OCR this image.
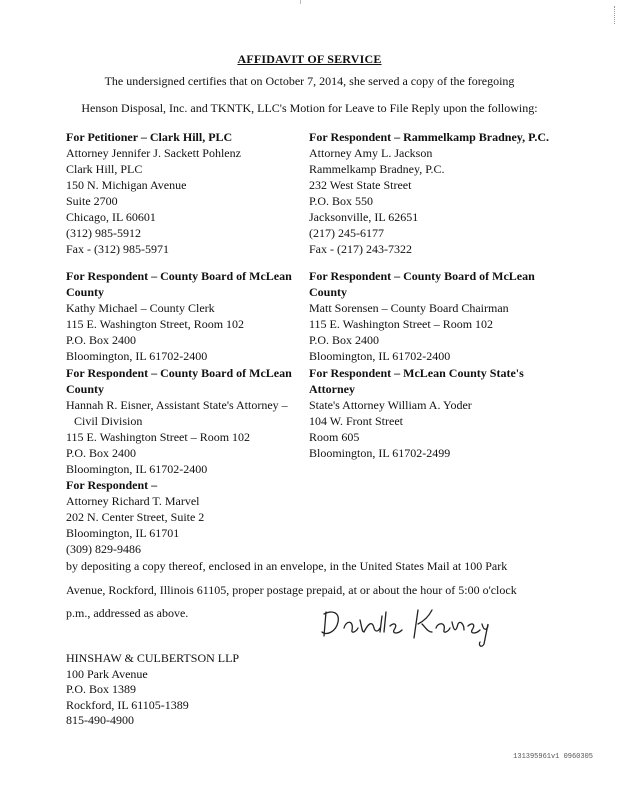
AFFIDAVIT OF SERVICE
The undersigned certifies that on October 7, 2014, she served a copy of the foregoing
Henson Disposal, Inc. and TKNTK, LLC's Motion for Leave to File Reply upon the following:
For Petitioner – Clark Hill, PLC
Attorney Jennifer J. Sackett Pohlenz
Clark Hill, PLC
150 N. Michigan Avenue
Suite 2700
Chicago, IL 60601
(312) 985-5912
Fax - (312) 985-5971
For Respondent – Rammelkamp Bradney, P.C.
Attorney Amy L. Jackson
Rammelkamp Bradney, P.C.
232 West State Street
P.O. Box 550
Jacksonville, IL 62651
(217) 245-6177
Fax - (217) 243-7322
For Respondent – County Board of McLean County
Kathy Michael – County Clerk
115 E. Washington Street, Room 102
P.O. Box 2400
Bloomington, IL 61702-2400
For Respondent – County Board of McLean County
Matt Sorensen – County Board Chairman
115 E. Washington Street – Room 102
P.O. Box 2400
Bloomington, IL 61702-2400
For Respondent – County Board of McLean County
Hannah R. Eisner, Assistant State's Attorney –
Civil Division
115 E. Washington Street – Room 102
P.O. Box 2400
Bloomington, IL 61702-2400
For Respondent – McLean County State's Attorney
State's Attorney William A. Yoder
104 W. Front Street
Room 605
Bloomington, IL 61702-2499
For Respondent –
Attorney Richard T. Marvel
202 N. Center Street, Suite 2
Bloomington, IL 61701
(309) 829-9486
by depositing a copy thereof, enclosed in an envelope, in the United States Mail at 100 Park
Avenue, Rockford, Illinois 61105, proper postage prepaid, at or about the hour of 5:00 o'clock
p.m., addressed as above.
HINSHAW & CULBERTSON LLP
100 Park Avenue
P.O. Box 1389
Rockford, IL 61105-1389
815-490-4900
131395961v1 0960305
